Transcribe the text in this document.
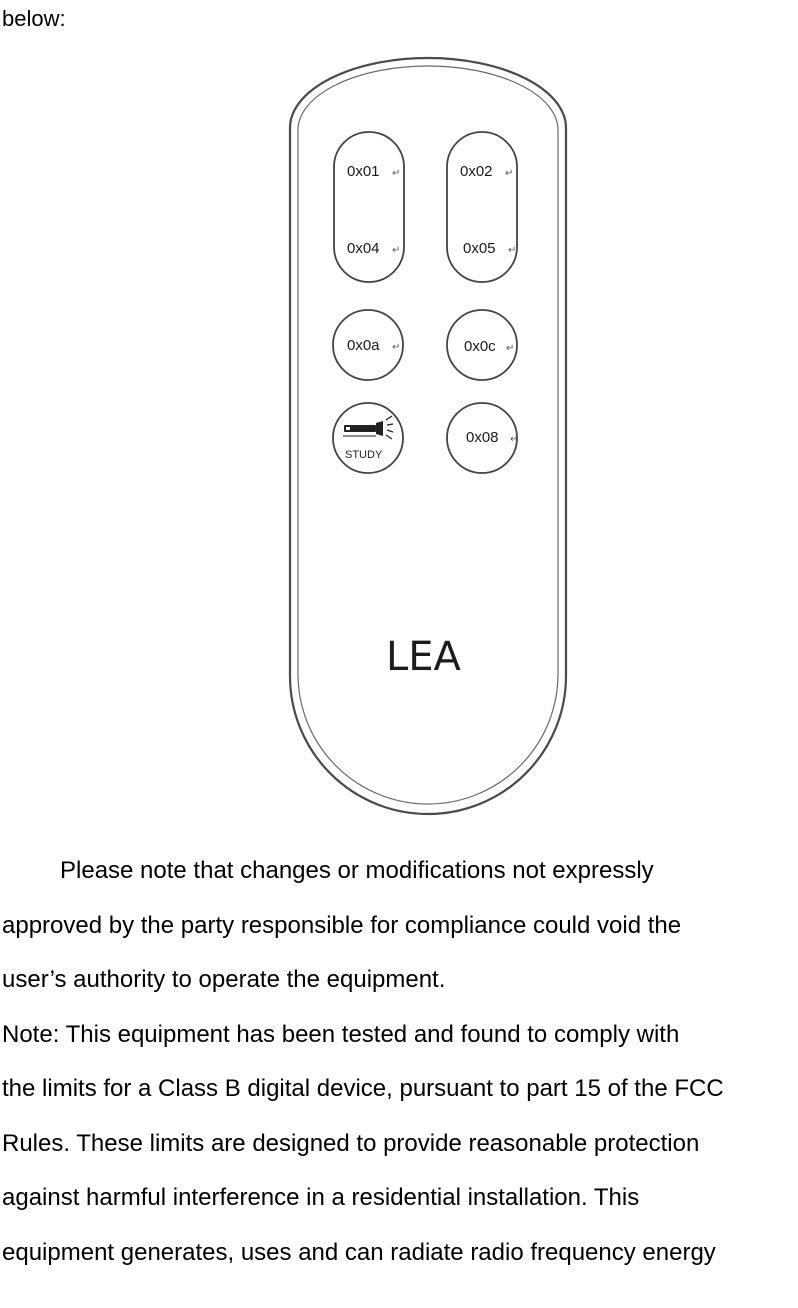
below:

0x01 ↵	0x02 ↵
0x04 ↵	0x05 ↵
0x0a ↵	0x0c ↵
STUDY
0x08 ↵
LEA
Please note that changes or modifications not expressly
approved by the party responsible for compliance could void the
user’s authority to operate the equipment.
Note: This equipment has been tested and found to comply with
the limits for a Class B digital device, pursuant to part 15 of the FCC
Rules. These limits are designed to provide reasonable protection
against harmful interference in a residential installation. This
equipment generates, uses and can radiate radio frequency energy
